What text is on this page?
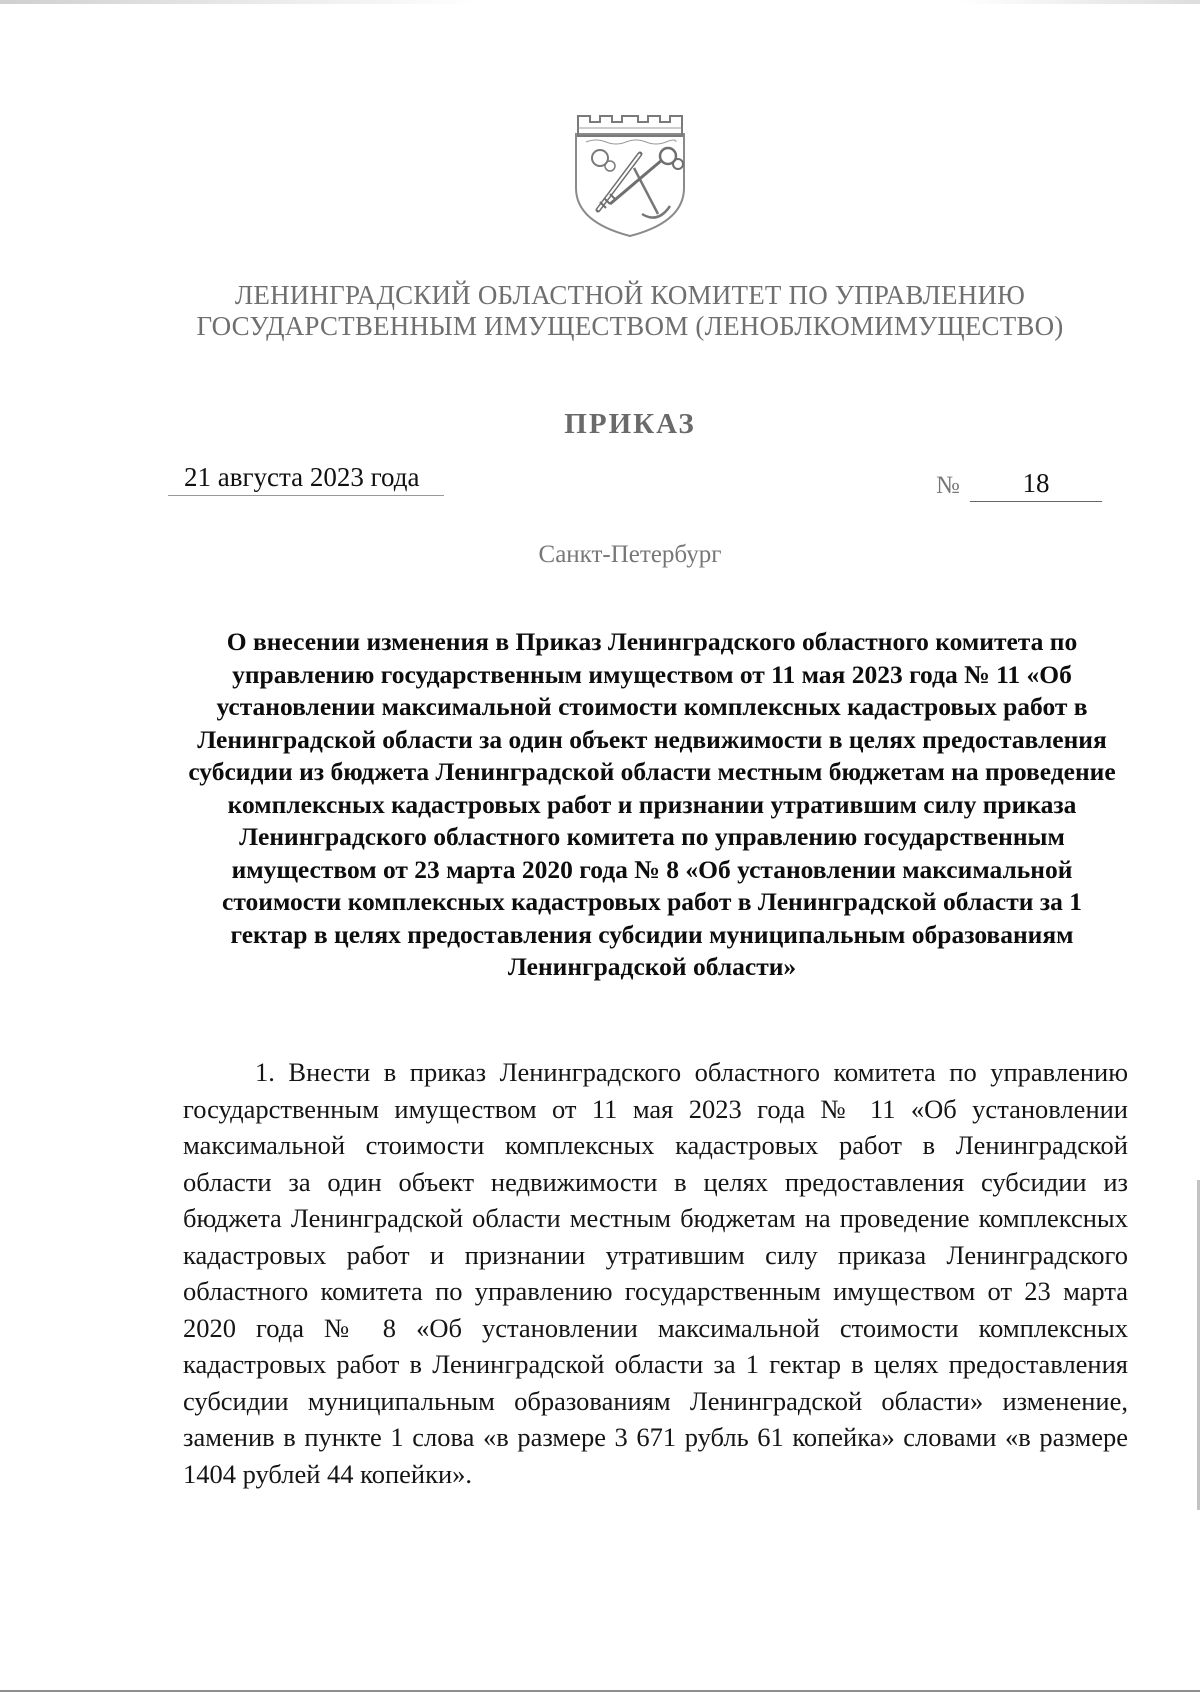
ЛЕНИНГРАДСКИЙ ОБЛАСТНОЙ КОМИТЕТ ПО УПРАВЛЕНИЮ ГОСУДАРСТВЕННЫМ ИМУЩЕСТВОМ (ЛЕНОБЛКОМИМУЩЕСТВО)
ПРИКАЗ
21 августа 2023 года	№	18
Санкт-Петербург
О внесении изменения в Приказ Ленинградского областного комитета по управлению государственным имуществом от 11 мая 2023 года № 11 «Об установлении максимальной стоимости комплексных кадастровых работ в Ленинградской области за один объект недвижимости в целях предоставления субсидии из бюджета Ленинградской области местным бюджетам на проведение комплексных кадастровых работ и признании утратившим силу приказа Ленинградского областного комитета по управлению государственным имуществом от 23 марта 2020 года № 8 «Об установлении максимальной стоимости комплексных кадастровых работ в Ленинградской области за 1 гектар в целях предоставления субсидии муниципальным образованиям Ленинградской области»

1. Внести в приказ Ленинградского областного комитета по управлению государственным имуществом от 11 мая 2023 года № 11 «Об установлении максимальной стоимости комплексных кадастровых работ в Ленинградской области за один объект недвижимости в целях предоставления субсидии из бюджета Ленинградской области местным бюджетам на проведение комплексных кадастровых работ и признании утратившим силу приказа Ленинградского областного комитета по управлению государственным имуществом от 23 марта 2020 года № 8 «Об установлении максимальной стоимости комплексных кадастровых работ в Ленинградской области за 1 гектар в целях предоставления субсидии муниципальным образованиям Ленинградской области» изменение, заменив в пункте 1 слова «в размере 3 671 рубль 61 копейка» словами «в размере 1404 рублей 44 копейки».
